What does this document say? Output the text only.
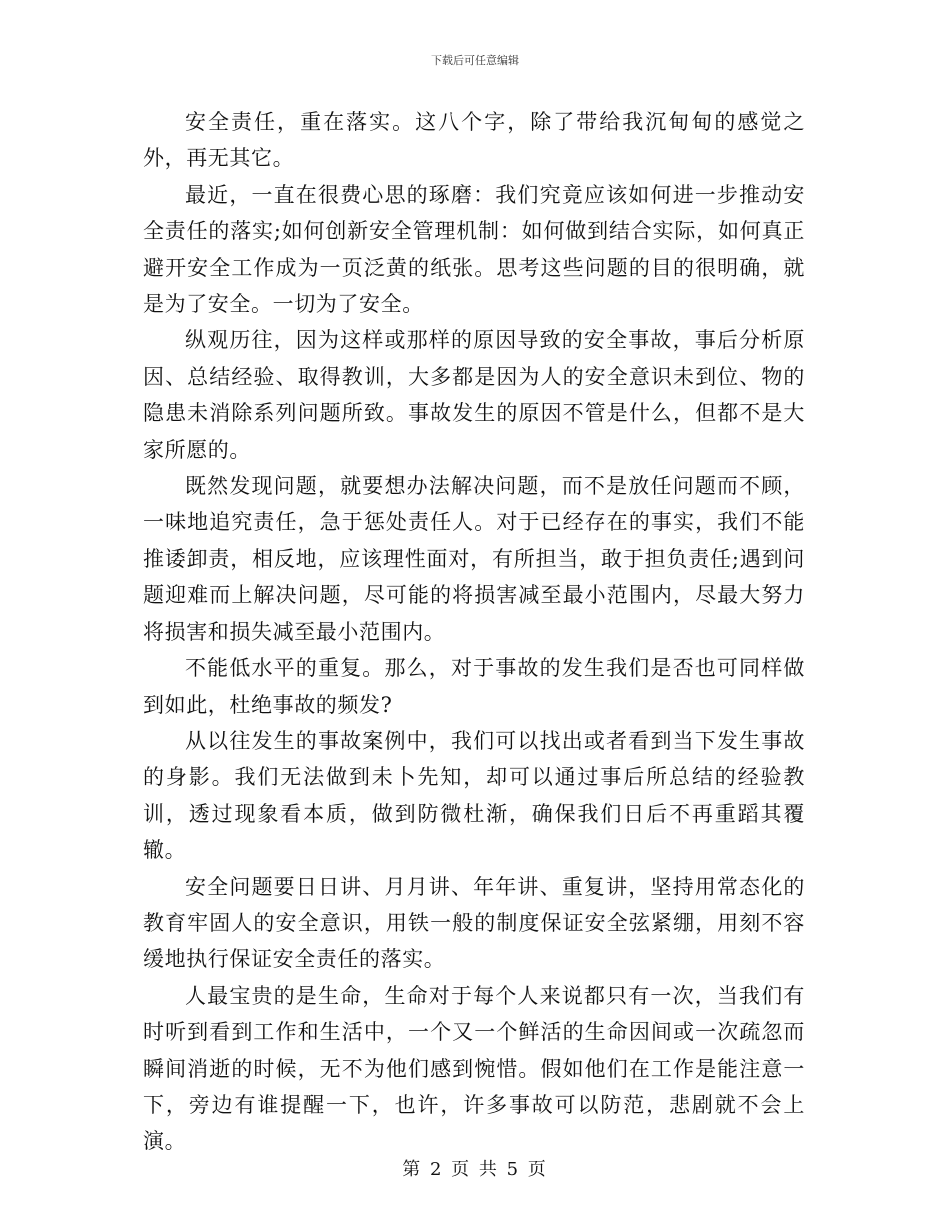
下载后可任意编辑

安全责任，重在落实。这八个字，除了带给我沉甸甸的感觉之外，再无其它。

最近，一直在很费心思的琢磨：我们究竟应该如何进一步推动安全责任的落实;如何创新安全管理机制：如何做到结合实际，如何真正避开安全工作成为一页泛黄的纸张。思考这些问题的目的很明确，就是为了安全。一切为了安全。

纵观历往，因为这样或那样的原因导致的安全事故，事后分析原因、总结经验、取得教训，大多都是因为人的安全意识未到位、物的隐患未消除系列问题所致。事故发生的原因不管是什么，但都不是大家所愿的。

既然发现问题，就要想办法解决问题，而不是放任问题而不顾，一味地追究责任，急于惩处责任人。对于已经存在的事实，我们不能推诿卸责，相反地，应该理性面对，有所担当，敢于担负责任;遇到问题迎难而上解决问题，尽可能的将损害减至最小范围内，尽最大努力将损害和损失减至最小范围内。

不能低水平的重复。那么，对于事故的发生我们是否也可同样做到如此，杜绝事故的频发?

从以往发生的事故案例中，我们可以找出或者看到当下发生事故的身影。我们无法做到未卜先知，却可以通过事后所总结的经验教训，透过现象看本质，做到防微杜渐，确保我们日后不再重蹈其覆辙。

安全问题要日日讲、月月讲、年年讲、重复讲，坚持用常态化的教育牢固人的安全意识，用铁一般的制度保证安全弦紧绷，用刻不容缓地执行保证安全责任的落实。

人最宝贵的是生命，生命对于每个人来说都只有一次，当我们有时听到看到工作和生活中，一个又一个鲜活的生命因间或一次疏忽而瞬间消逝的时候，无不为他们感到惋惜。假如他们在工作是能注意一下，旁边有谁提醒一下，也许，许多事故可以防范，悲剧就不会上演。

第 2 页 共 5 页
